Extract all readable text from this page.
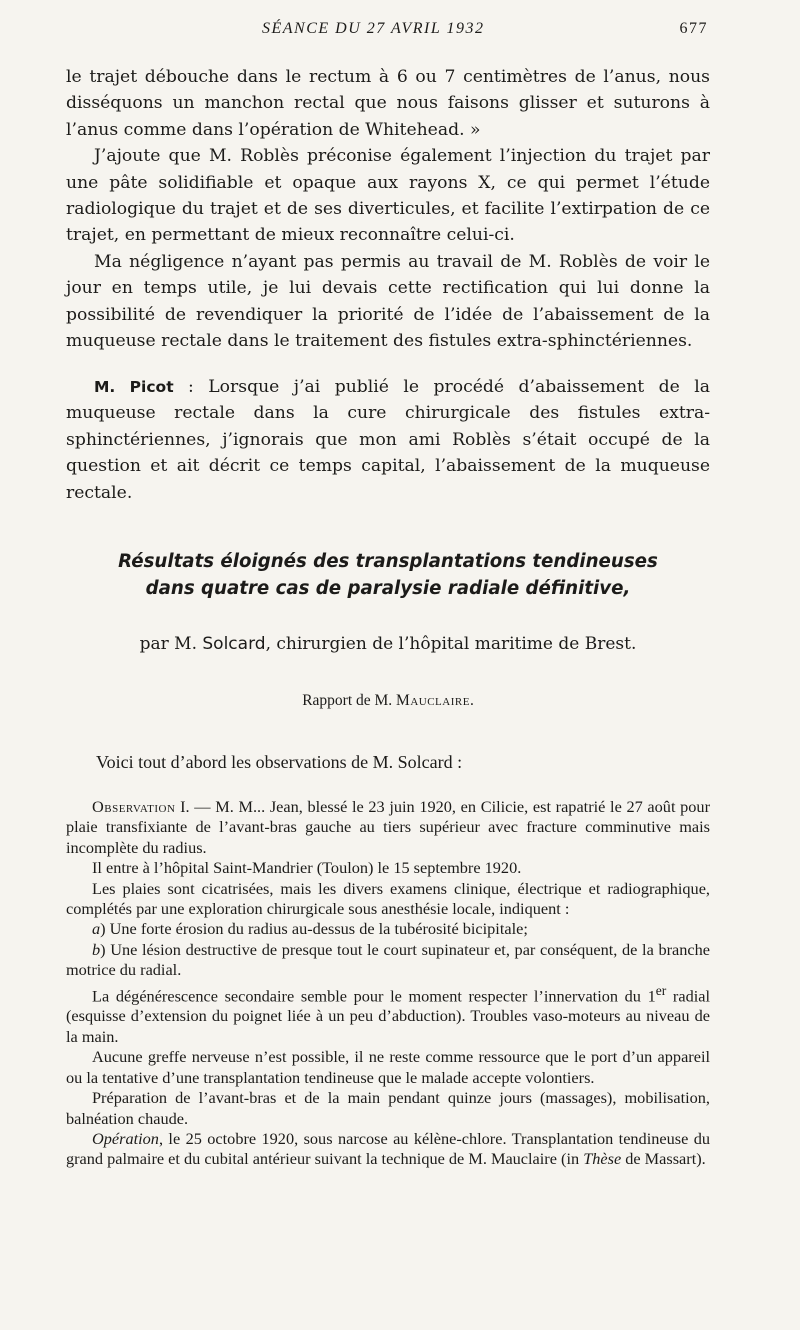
SÉANCE DU 27 AVRIL 1932	677

le trajet débouche dans le rectum à 6 ou 7 centimètres de l’anus, nous disséquons un manchon rectal que nous faisons glisser et suturons à l’anus comme dans l’opération de Whitehead. »

J’ajoute que M. Roblès préconise également l’injection du trajet par une pâte solidifiable et opaque aux rayons X, ce qui permet l’étude radiologique du trajet et de ses diverticules, et facilite l’extirpation de ce trajet, en permettant de mieux reconnaître celui-ci.

Ma négligence n’ayant pas permis au travail de M. Roblès de voir le jour en temps utile, je lui devais cette rectification qui lui donne la possibilité de revendiquer la priorité de l’idée de l’abaissement de la muqueuse rectale dans le traitement des fistules extra-sphinctériennes.

M. Picot : Lorsque j’ai publié le procédé d’abaissement de la muqueuse rectale dans la cure chirurgicale des fistules extra-sphinctériennes, j’ignorais que mon ami Roblès s’était occupé de la question et ait décrit ce temps capital, l’abaissement de la muqueuse rectale.

Résultats éloignés des transplantations tendineuses
dans quatre cas de paralysie radiale définitive,
par M. Solcard, chirurgien de l’hôpital maritime de Brest.
Rapport de M. Mauclaire.
Voici tout d’abord les observations de M. Solcard :

Observation I. — M. M... Jean, blessé le 23 juin 1920, en Cilicie, est rapatrié le 27 août pour plaie transfixiante de l’avant-bras gauche au tiers supérieur avec fracture comminutive mais incomplète du radius.

Il entre à l’hôpital Saint-Mandrier (Toulon) le 15 septembre 1920.

Les plaies sont cicatrisées, mais les divers examens clinique, électrique et radiographique, complétés par une exploration chirurgicale sous anesthésie locale, indiquent :

a) Une forte érosion du radius au-dessus de la tubérosité bicipitale;

b) Une lésion destructive de presque tout le court supinateur et, par conséquent, de la branche motrice du radial.

La dégénérescence secondaire semble pour le moment respecter l’innervation du 1er radial (esquisse d’extension du poignet liée à un peu d’abduction). Troubles vaso-moteurs au niveau de la main.

Aucune greffe nerveuse n’est possible, il ne reste comme ressource que le port d’un appareil ou la tentative d’une transplantation tendineuse que le malade accepte volontiers.

Préparation de l’avant-bras et de la main pendant quinze jours (massages), mobilisation, balnéation chaude.

Opération, le 25 octobre 1920, sous narcose au kélène-chlore. Transplantation tendineuse du grand palmaire et du cubital antérieur suivant la technique de M. Mauclaire (in Thèse de Massart).
